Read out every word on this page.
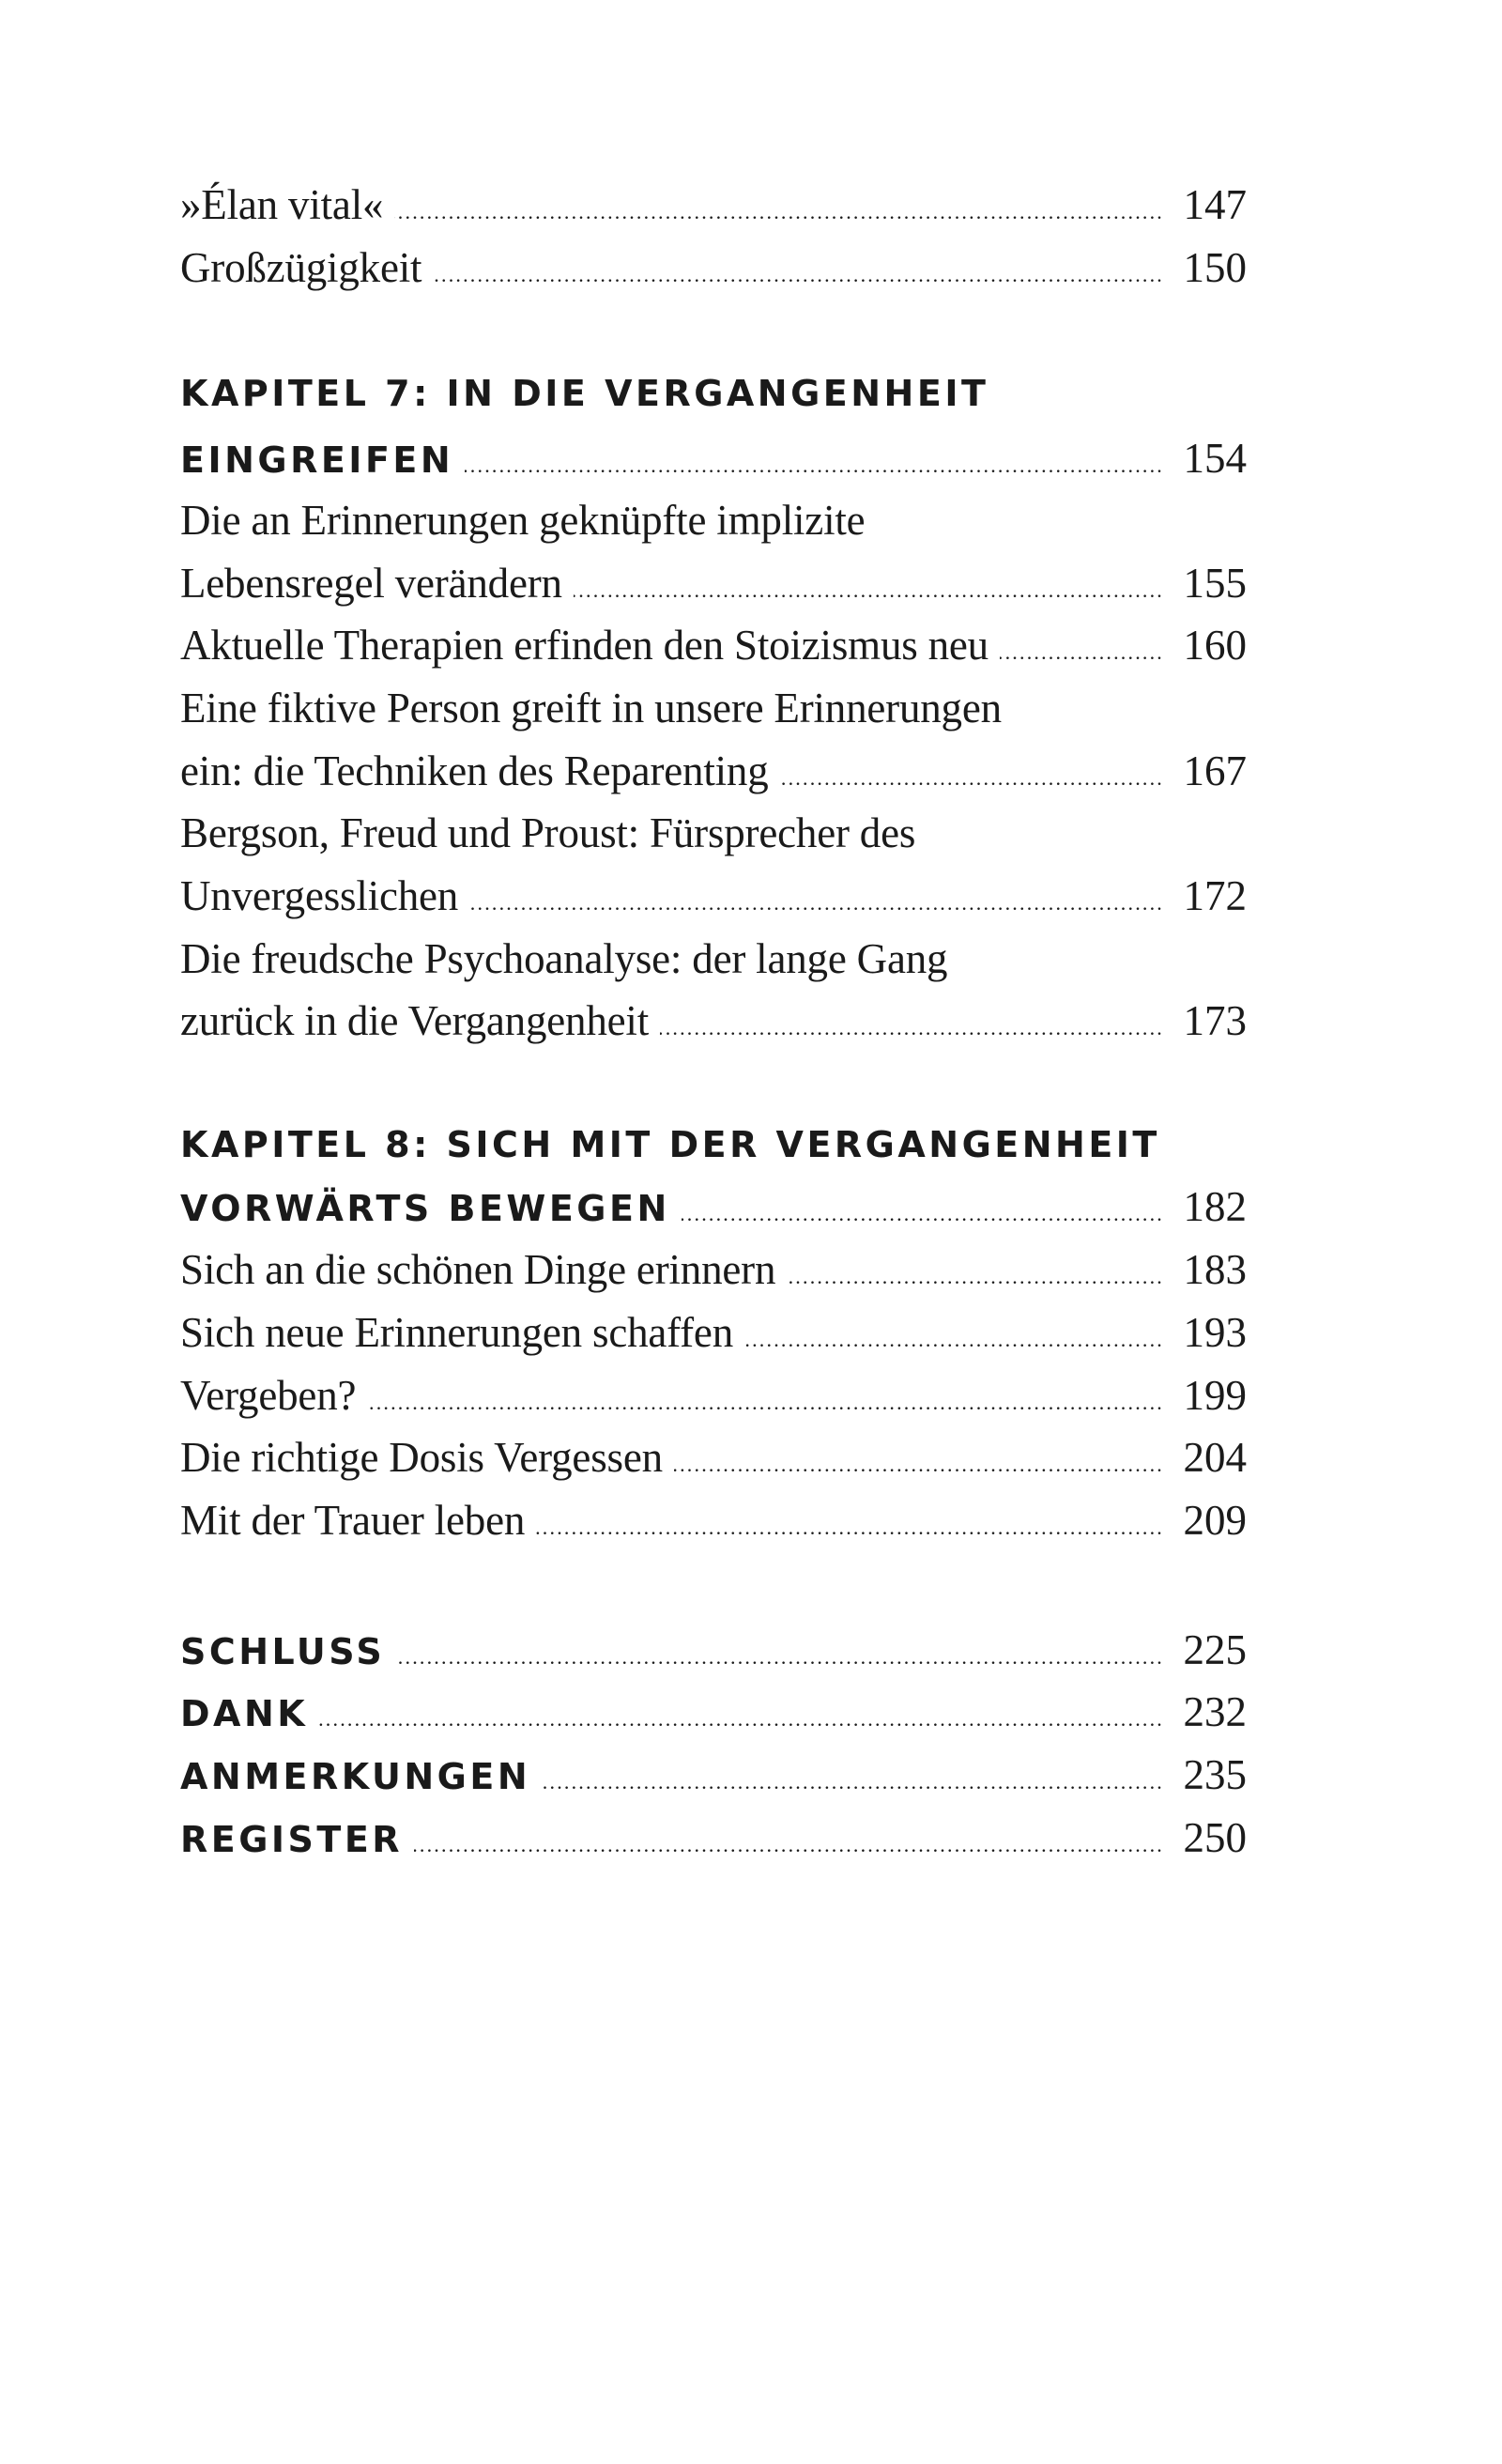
»Élan vital« .....	147
Großzügigkeit .....	150
KAPITEL 7: IN DIE VERGANGENHEIT
EINGREIFEN .....	154
Die an Erinnerungen geknüpfte implizite
Lebensregel verändern .....	155
Aktuelle Therapien erfinden den Stoizismus neu .....	160
Eine fiktive Person greift in unsere Erinnerungen
ein: die Techniken des Reparenting .....	167
Bergson, Freud und Proust: Fürsprecher des
Unvergesslichen .....	172
Die freudsche Psychoanalyse: der lange Gang
zurück in die Vergangenheit .....	173
KAPITEL 8: SICH MIT DER VERGANGENHEIT
VORWÄRTS BEWEGEN .....	182
Sich an die schönen Dinge erinnern .....	183
Sich neue Erinnerungen schaffen .....	193
Vergeben? .....	199
Die richtige Dosis Vergessen .....	204
Mit der Trauer leben .....	209
SCHLUSS .....	225
DANK .....	232
ANMERKUNGEN .....	235
REGISTER .....	250
